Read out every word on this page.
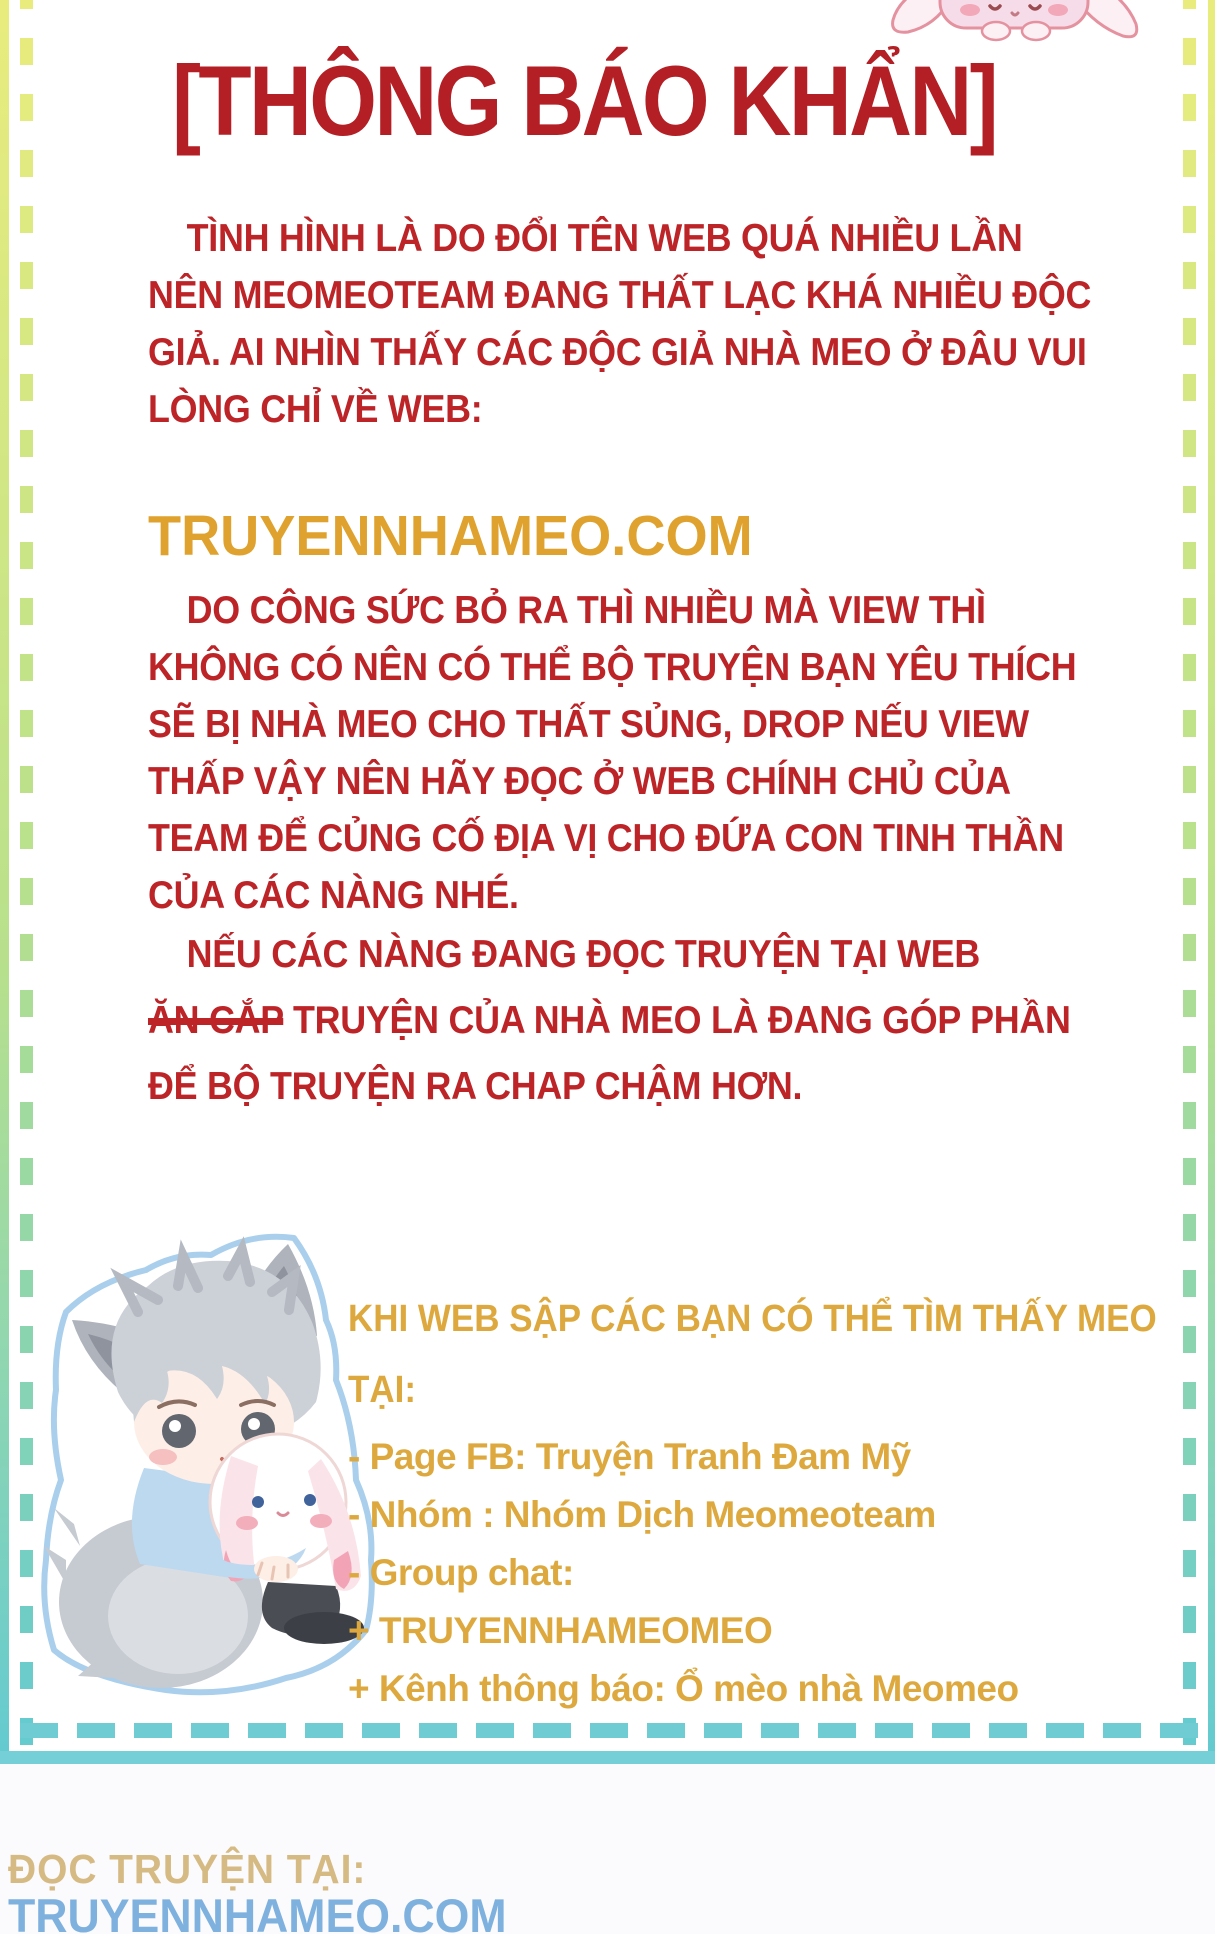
[THÔNG BÁO KHẨN]

TÌNH HÌNH LÀ DO ĐỔI TÊN WEB QUÁ NHIỀU LẦN NÊN MEOMEOTEAM ĐANG THẤT LẠC KHÁ NHIỀU ĐỘC GIẢ. AI NHÌN THẤY CÁC ĐỘC GIẢ NHÀ MEO Ở ĐÂU VUI LÒNG CHỈ VỀ WEB:

TRUYENNHAMEO.COM

DO CÔNG SỨC BỎ RA THÌ NHIỀU MÀ VIEW THÌ KHÔNG CÓ NÊN CÓ THỂ BỘ TRUYỆN BẠN YÊU THÍCH SẼ BỊ NHÀ MEO CHO THẤT SỦNG, DROP NẾU VIEW THẤP VẬY NÊN HÃY ĐỌC Ở WEB CHÍNH CHỦ CỦA TEAM ĐỂ CỦNG CỐ ĐỊA VỊ CHO ĐỨA CON TINH THẦN CỦA CÁC NÀNG NHÉ.

NẾU CÁC NÀNG ĐANG ĐỌC TRUYỆN TẠI WEB
ĂN CẮP TRUYỆN CỦA NHÀ MEO LÀ ĐANG GÓP PHẦN ĐỂ BỘ TRUYỆN RA CHAP CHẬM HƠN.

KHI WEB SẬP CÁC BẠN CÓ THỂ TÌM THẤY MEO TẠI:

- Page FB: Truyện Tranh Đam Mỹ
- Nhóm : Nhóm Dịch Meomeoteam
- Group chat:
+ TRUYENNHAMEOMEO
+ Kênh thông báo: Ổ mèo nhà Meomeo
ĐỌC TRUYỆN TẠI:
TRUYENNHAMEO.COM
